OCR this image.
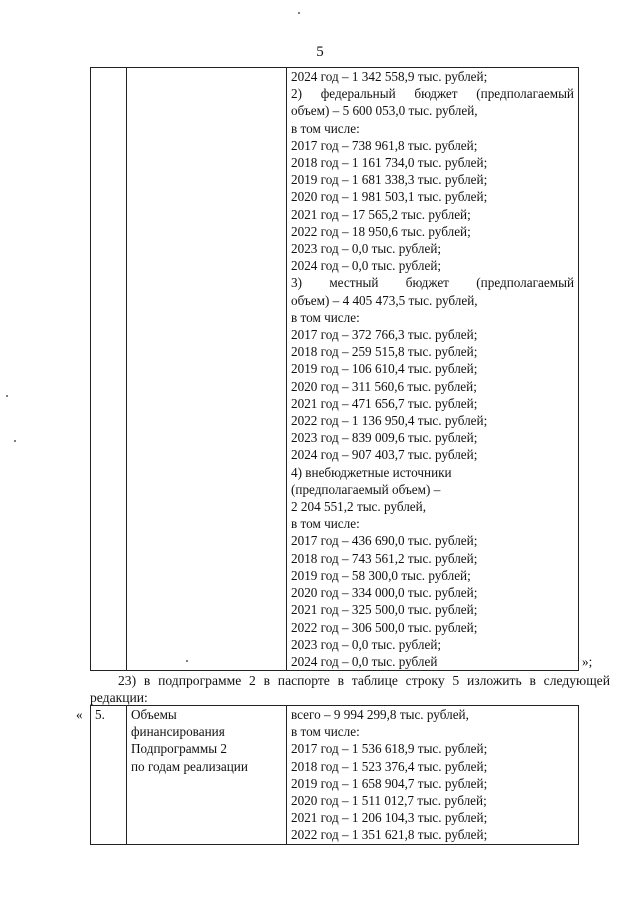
5

2024 год – 1 342 558,9 тыс. рублей;
2) федеральный бюджет (предполагаемый
объем) – 5 600 053,0 тыс. рублей,
в том числе:
2017 год – 738 961,8 тыс. рублей;
2018 год – 1 161 734,0 тыс. рублей;
2019 год – 1 681 338,3 тыс. рублей;
2020 год – 1 981 503,1 тыс. рублей;
2021 год – 17 565,2 тыс. рублей;
2022 год – 18 950,6 тыс. рублей;
2023 год – 0,0 тыс. рублей;
2024 год – 0,0 тыс. рублей;
3) местный бюджет (предполагаемый
объем) – 4 405 473,5 тыс. рублей,
в том числе:
2017 год – 372 766,3 тыс. рублей;
2018 год – 259 515,8 тыс. рублей;
2019 год – 106 610,4 тыс. рублей;
2020 год – 311 560,6 тыс. рублей;
2021 год – 471 656,7 тыс. рублей;
2022 год – 1 136 950,4 тыс. рублей;
2023 год – 839 009,6 тыс. рублей;
2024 год – 907 403,7 тыс. рублей;
4) внебюджетные источники
(предполагаемый объем) –
2 204 551,2 тыс. рублей,
в том числе:
2017 год – 436 690,0 тыс. рублей;
2018 год – 743 561,2 тыс. рублей;
2019 год – 58 300,0 тыс. рублей;
2020 год – 334 000,0 тыс. рублей;
2021 год – 325 500,0 тыс. рублей;
2022 год – 306 500,0 тыс. рублей;
2023 год – 0,0 тыс. рублей;
2024 год – 0,0 тыс. рублей	»;
23) в подпрограмме 2 в паспорте в таблице строку 5 изложить в следующей редакции:
« 5.	Объемы
финансирования
Подпрограммы 2
по годам реализации

всего – 9 994 299,8 тыс. рублей,
в том числе:
2017 год – 1 536 618,9 тыс. рублей;
2018 год – 1 523 376,4 тыс. рублей;
2019 год – 1 658 904,7 тыс. рублей;
2020 год – 1 511 012,7 тыс. рублей;
2021 год – 1 206 104,3 тыс. рублей;
2022 год – 1 351 621,8 тыс. рублей;
